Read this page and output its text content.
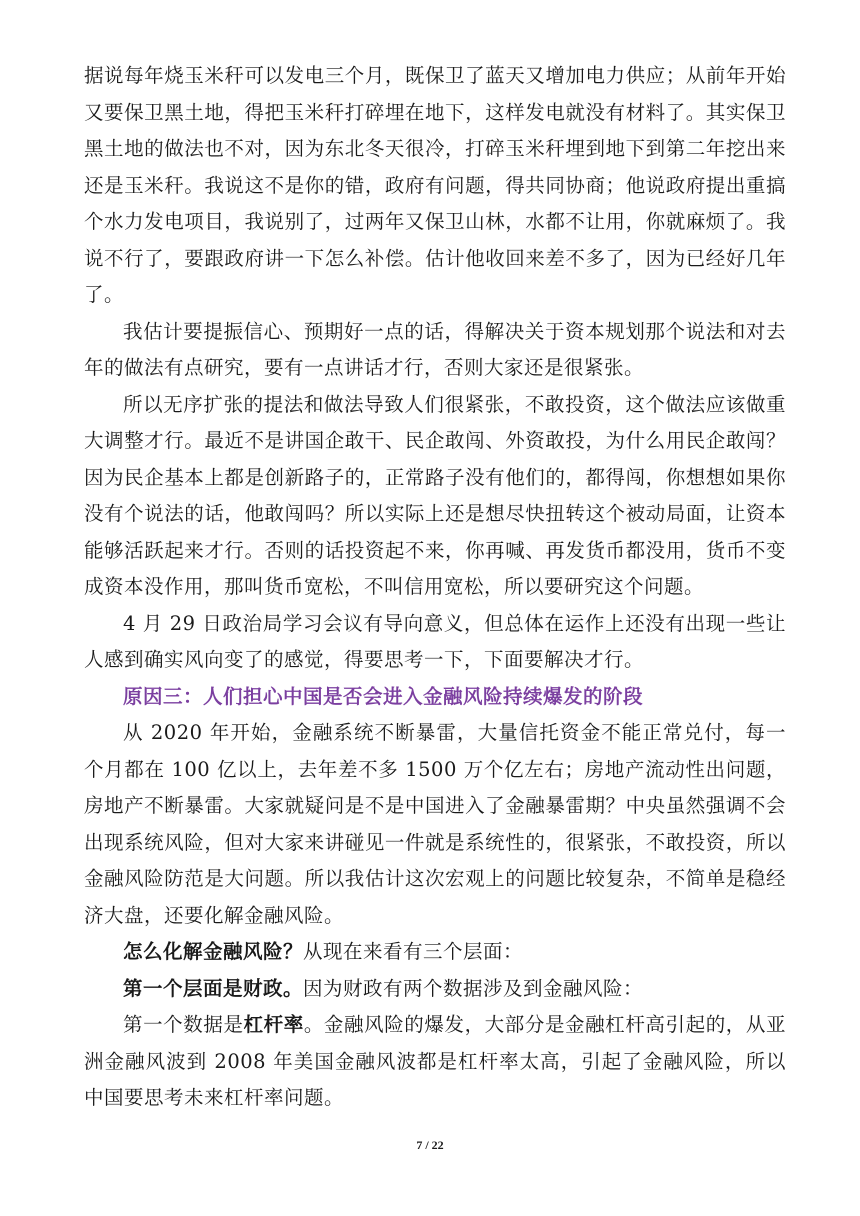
据说每年烧玉米秆可以发电三个月，既保卫了蓝天又增加电力供应；从前年开始又要保卫黑土地，得把玉米秆打碎埋在地下，这样发电就没有材料了。其实保卫黑土地的做法也不对，因为东北冬天很冷，打碎玉米秆埋到地下到第二年挖出来还是玉米秆。我说这不是你的错，政府有问题，得共同协商；他说政府提出重搞个水力发电项目，我说别了，过两年又保卫山林，水都不让用，你就麻烦了。我说不行了，要跟政府讲一下怎么补偿。估计他收回来差不多了，因为已经好几年了。

我估计要提振信心、预期好一点的话，得解决关于资本规划那个说法和对去年的做法有点研究，要有一点讲话才行，否则大家还是很紧张。

所以无序扩张的提法和做法导致人们很紧张，不敢投资，这个做法应该做重大调整才行。最近不是讲国企敢干、民企敢闯、外资敢投，为什么用民企敢闯？因为民企基本上都是创新路子的，正常路子没有他们的，都得闯，你想想如果你没有个说法的话，他敢闯吗？所以实际上还是想尽快扭转这个被动局面，让资本能够活跃起来才行。否则的话投资起不来，你再喊、再发货币都没用，货币不变成资本没作用，那叫货币宽松，不叫信用宽松，所以要研究这个问题。

4 月 29 日政治局学习会议有导向意义，但总体在运作上还没有出现一些让人感到确实风向变了的感觉，得要思考一下，下面要解决才行。

原因三：人们担心中国是否会进入金融风险持续爆发的阶段

从 2020 年开始，金融系统不断暴雷，大量信托资金不能正常兑付，每一个月都在 100 亿以上，去年差不多 1500 万个亿左右；房地产流动性出问题，房地产不断暴雷。大家就疑问是不是中国进入了金融暴雷期？中央虽然强调不会出现系统风险，但对大家来讲碰见一件就是系统性的，很紧张，不敢投资，所以金融风险防范是大问题。所以我估计这次宏观上的问题比较复杂，不简单是稳经济大盘，还要化解金融风险。

怎么化解金融风险？从现在来看有三个层面：

第一个层面是财政。因为财政有两个数据涉及到金融风险：

第一个数据是杠杆率。金融风险的爆发，大部分是金融杠杆高引起的，从亚洲金融风波到 2008 年美国金融风波都是杠杆率太高，引起了金融风险，所以中国要思考未来杠杆率问题。

7 / 22
